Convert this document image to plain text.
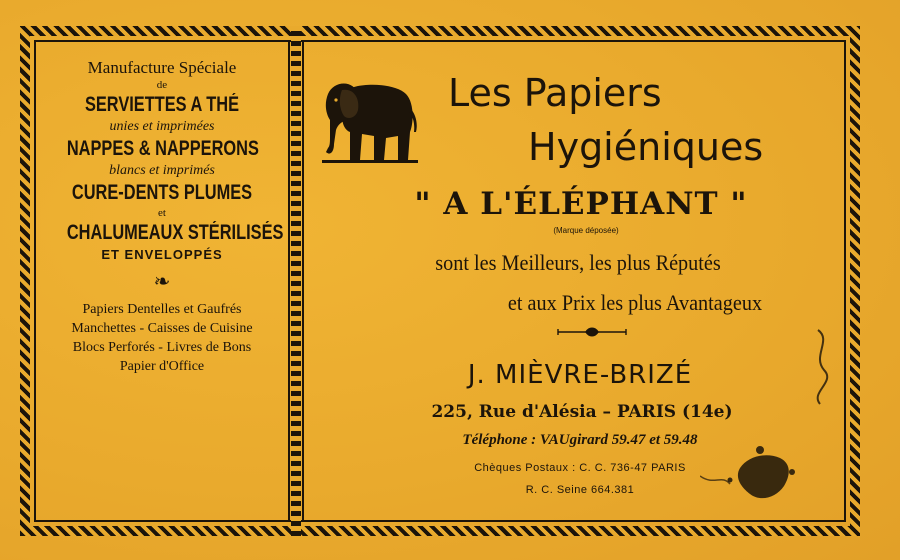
Manufacture Spéciale

de

SERVIETTES A THÉ

unies et imprimées

NAPPES & NAPPERONS

blancs et imprimés

CURE-DENTS PLUMES

et

CHALUMEAUX STÉRILISÉS

ET ENVELOPPÉS

❧

Papiers Dentelles et Gaufrés

Manchettes - Caisses de Cuisine

Blocs Perforés - Livres de Bons

Papier d'Office

Les Papiers

Hygiéniques

" A L'ÉLÉPHANT "

(Marque déposée)

sont les Meilleurs, les plus Réputés

et aux Prix les plus Avantageux

J. MIÈVRE-BRIZÉ

225, Rue d'Alésia – PARIS (14e)

Téléphone : VAUgirard 59.47 et 59.48

Chèques Postaux : C. C. 736-47 PARIS

R. C. Seine 664.381
